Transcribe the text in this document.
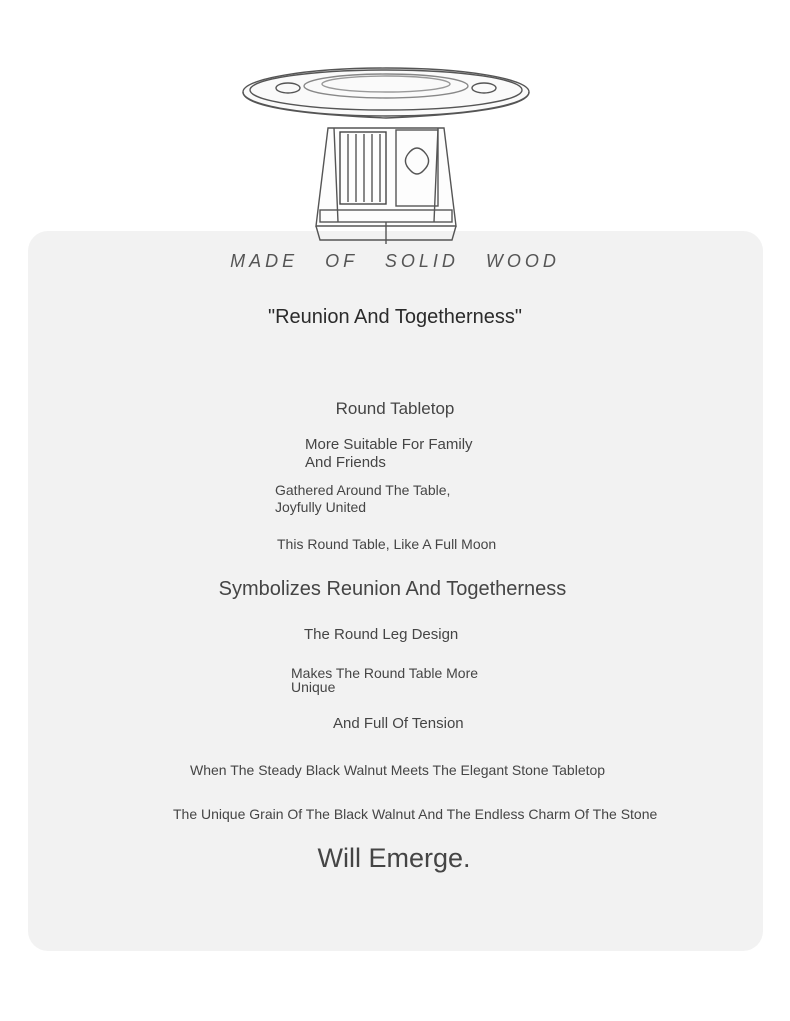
MADE OF SOLID WOOD
"Reunion And Togetherness"
Round Tabletop
More Suitable For Family And Friends
Gathered Around The Table, Joyfully United
This Round Table, Like A Full Moon
Symbolizes Reunion And Togetherness
The Round Leg Design
Makes The Round Table More Unique
And Full Of Tension
When The Steady Black Walnut Meets The Elegant Stone Tabletop
The Unique Grain Of The Black Walnut And The Endless Charm Of The Stone
Will Emerge.
